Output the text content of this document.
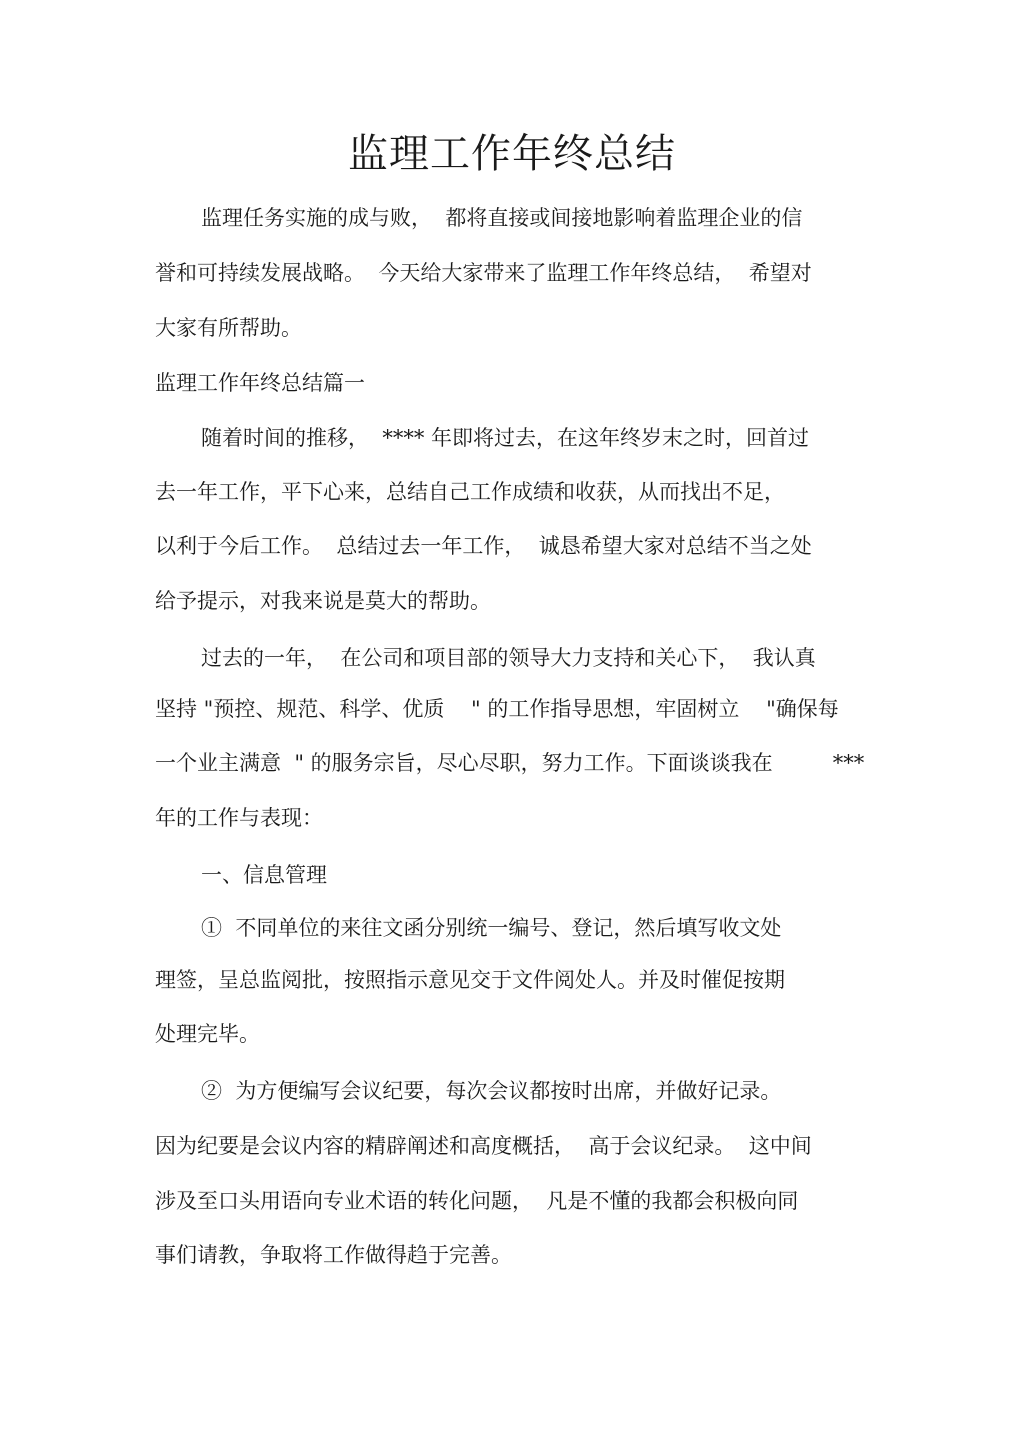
监理工作年终总结
监理任务实施的成与败，  都将直接或间接地影响着监理企业的信
誉和可持续发展战略。  今天给大家带来了监理工作年终总结，  希望对
大家有所帮助。
监理工作年终总结篇一
随着时间的推移，  **** 年即将过去，在这年终岁末之时，回首过
去一年工作，平下心来，总结自己工作成绩和收获，从而找出不足，
以利于今后工作。  总结过去一年工作，  诚恳希望大家对总结不当之处
给予提示，对我来说是莫大的帮助。
过去的一年，  在公司和项目部的领导大力支持和关心下，  我认真
坚持 "预控、规范、科学、优质    " 的工作指导思想，牢固树立    "确保每
一个业主满意  " 的服务宗旨，尽心尽职，努力工作。下面谈谈我在         ***
年的工作与表现：
一、信息管理
①  不同单位的来往文函分别统一编号、登记，然后填写收文处
理签，呈总监阅批，按照指示意见交于文件阅处人。并及时催促按期
处理完毕。
②  为方便编写会议纪要，每次会议都按时出席，并做好记录。
因为纪要是会议内容的精辟阐述和高度概括，  高于会议纪录。  这中间
涉及至口头用语向专业术语的转化问题，  凡是不懂的我都会积极向同
事们请教，争取将工作做得趋于完善。
